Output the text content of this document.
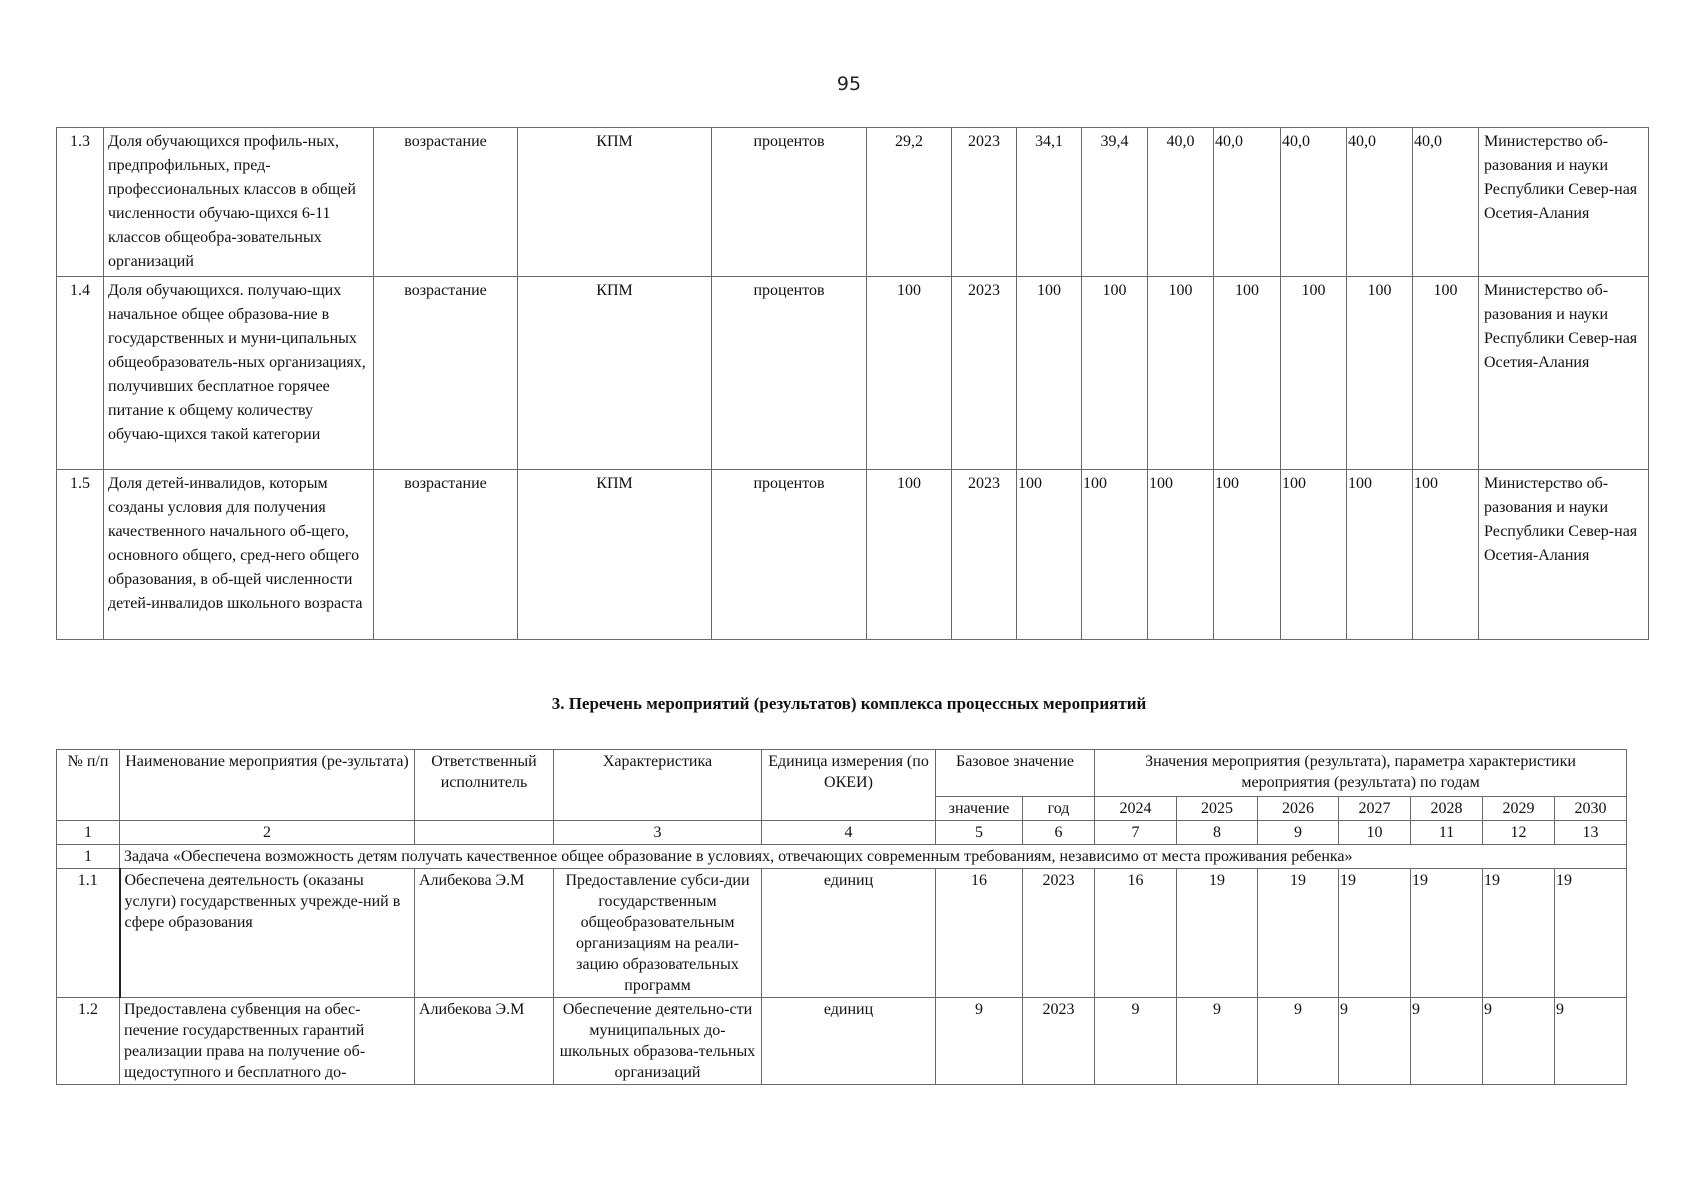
95
1.3	Доля обучающихся профиль-ных, предпрофильных, пред-профессиональных классов в общей численности обучаю-щихся 6-11 классов общеобра-зовательных организаций	возрастание	КПМ	процентов	29,2	2023	34,1	39,4	40,0	40,0	40,0	40,0	40,0	Министерство об-разования и науки Республики Север-ная Осетия-Алания
1.4	Доля обучающихся. получаю-щих начальное общее образова-ние в государственных и муни-ципальных общеобразователь-ных организациях, получивших бесплатное горячее питание к общему количеству обучаю-щихся такой категории	возрастание	КПМ	процентов	100	2023	100	100	100	100	100	100	100	Министерство об-разования и науки Республики Север-ная Осетия-Алания
1.5	Доля детей-инвалидов, которым созданы условия для получения качественного начального об-щего, основного общего, сред-него общего образования, в об-щей численности детей-инвалидов школьного возраста	возрастание	КПМ	процентов	100	2023	100	100	100	100	100	100	100	Министерство об-разования и науки Республики Север-ная Осетия-Алания
3. Перечень мероприятий (результатов) комплекса процессных мероприятий
№ п/п	Наименование мероприятия (ре-зультата)	Ответственный исполнитель	Характеристика	Единица измерения (по ОКЕИ)	Базовое значение		Значения мероприятия (результата), параметра характеристики мероприятия (результата) по годам						
					значение	год	2024	2025	2026	2027	2028	2029	2030
1	2		3	4	5	6	7	8	9	10	11	12	13
1	Задача «Обеспечена возможность детям получать качественное общее образование в условиях, отвечающих современным требованиям, независимо от места проживания ребенка»												
1.1	Обеспечена деятельность (оказаны услуги) государственных учрежде-ний в сфере образования	Алибекова Э.М	Предоставление субси-дии государственным общеобразовательным организациям на реали-зацию образовательных программ	единиц	16	2023	16	19	19	19	19	19	19
1.2	Предоставлена субвенция на обес-печение государственных гарантий реализации права на получение об-щедоступного и бесплатного до-	Алибекова Э.М	Обеспечение деятельно-сти муниципальных до-школьных образова-тельных организаций	единиц	9	2023	9	9	9	9	9	9	9
